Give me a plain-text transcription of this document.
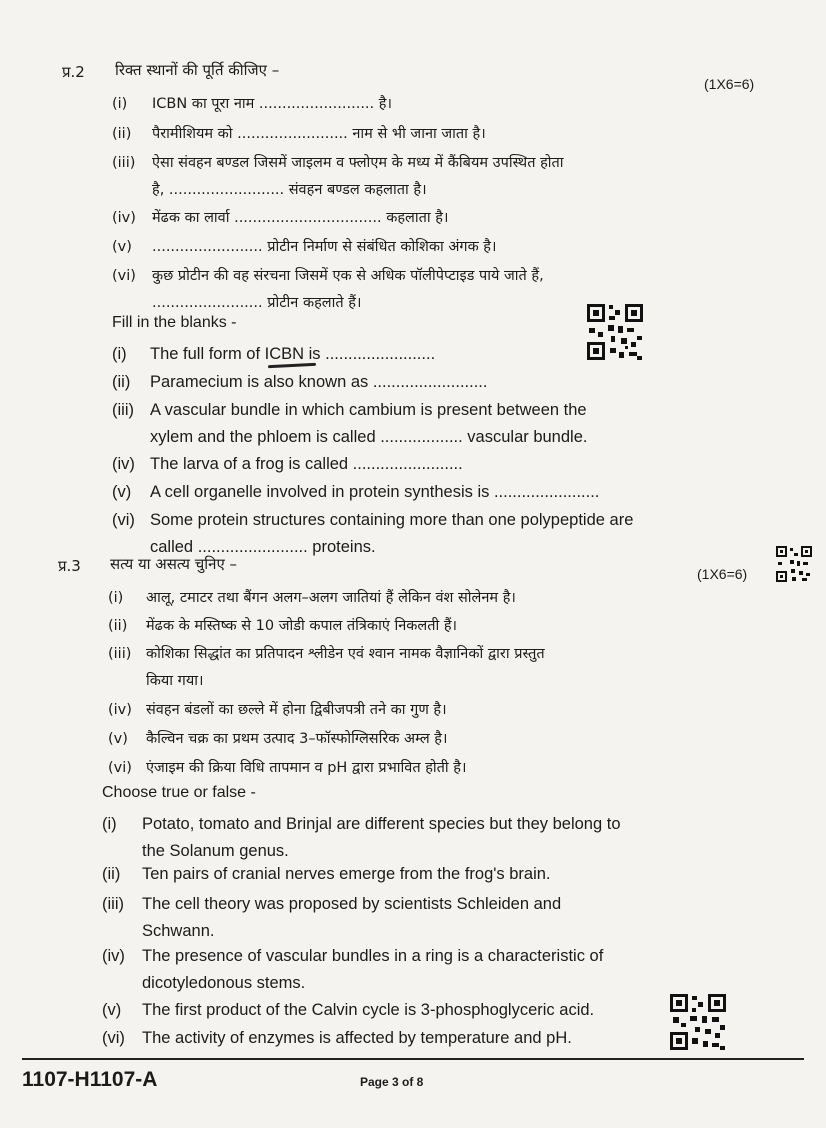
प्र.2 रिक्त स्थानों की पूर्ति कीजिए –
(1X6=6)
(i) ICBN का पूरा नाम ......................... है।
(ii) पैरामीशियम को ........................ नाम से भी जाना जाता है।
(iii) ऐसा संवहन बण्डल जिसमें जाइलम व फ्लोएम के मध्य में कैंबियम उपस्थित होता
है, ......................... संवहन बण्डल कहलाता है।
(iv) मेंढक का लार्वा ................................ कहलाता है।
(v) ........................ प्रोटीन निर्माण से संबंधित कोशिका अंगक है।
(vi) कुछ प्रोटीन की वह संरचना जिसमें एक से अधिक पॉलीपेप्टाइड पाये जाते हैं,
........................ प्रोटीन कहलाते हैं।
Fill in the blanks -
(i) The full form of ICBN is ........................
(ii) Paramecium is also known as .........................
(iii) A vascular bundle in which cambium is present between the
xylem and the phloem is called .................. vascular bundle.
(iv) The larva of a frog is called ........................
(v) A cell organelle involved in protein synthesis is .......................
(vi) Some protein structures containing more than one polypeptide are
called ........................ proteins.
प्र.3 सत्य या असत्य चुनिए –
(1X6=6)
(i) आलू, टमाटर तथा बैंगन अलग–अलग जातियां हैं लेकिन वंश सोलेनम है।
(ii) मेंढक के मस्तिष्क से 10 जोडी कपाल तंत्रिकाएं निकलती हैं।
(iii) कोशिका सिद्धांत का प्रतिपादन श्लीडेन एवं श्वान नामक वैज्ञानिकों द्वारा प्रस्तुत
किया गया।
(iv) संवहन बंडलों का छल्ले में होना द्विबीजपत्री तने का गुण है।
(v) कैल्विन चक्र का प्रथम उत्पाद 3–फॉस्फोग्लिसरिक अम्ल है।
(vi) एंजाइम की क्रिया विधि तापमान व pH द्वारा प्रभावित होती है।
Choose true or false -
(i) Potato, tomato and Brinjal are different species but they belong to
the Solanum genus.
(ii) Ten pairs of cranial nerves emerge from the frog's brain.
(iii) The cell theory was proposed by scientists Schleiden and
Schwann.
(iv) The presence of vascular bundles in a ring is a characteristic of
dicotyledonous stems.
(v) The first product of the Calvin cycle is 3-phosphoglyceric acid.
(vi) The activity of enzymes is affected by temperature and pH.
1107-H1107-A	Page 3 of 8
